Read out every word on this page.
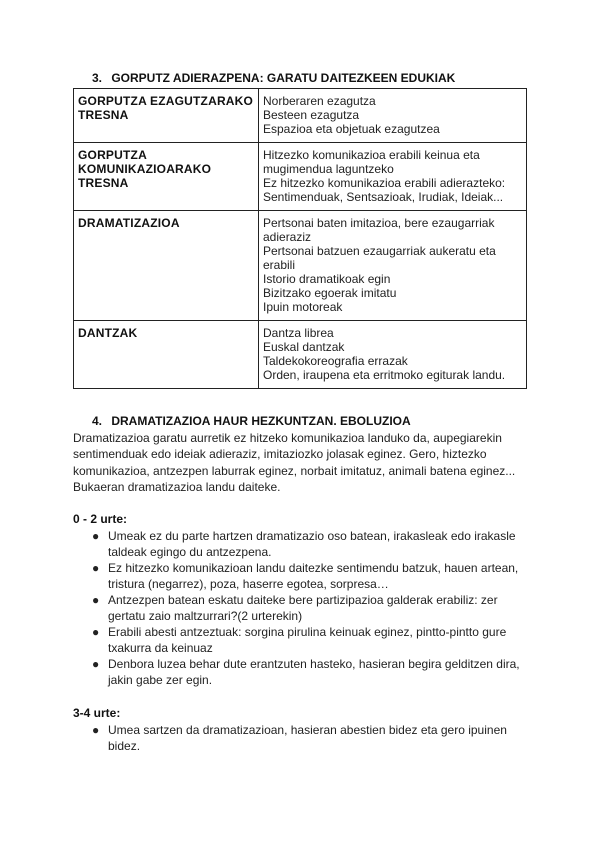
3. GORPUTZ ADIERAZPENA: GARATU DAITEZKEEN EDUKIAK
GORPUTZA EZAGUTZARAKO TRESNA	Norberaren ezagutza
Besteen ezagutza
Espazioa eta objetuak ezagutzea

GORPUTZA KOMUNIKAZIOARAKO TRESNA	Hitzezko komunikazioa erabili keinua eta mugimendua laguntzeko
Ez hitzezko komunikazioa erabili adierazteko: Sentimenduak, Sentsazioak, Irudiak, Ideiak...

DRAMATIZAZIOA	Pertsonai baten imitazioa, bere ezaugarriak adieraziz
Pertsonai batzuen ezaugarriak aukeratu eta erabili
Istorio dramatikoak egin
Bizitzako egoerak imitatu
Ipuin motoreak

DANTZAK	Dantza librea
Euskal dantzak
Taldekokoreografia errazak
Orden, iraupena eta erritmoko egiturak landu.
4. DRAMATIZAZIOA HAUR HEZKUNTZAN. EBOLUZIOA
Dramatizazioa garatu aurretik ez hitzeko komunikazioa landuko da, aupegiarekin sentimenduak edo ideiak adieraziz, imitaziozko jolasak eginez. Gero, hiztezko komunikazioa, antzezpen laburrak eginez, norbait imitatuz, animali batena eginez... Bukaeran dramatizazioa landu daiteke.
0 - 2 urte:
● Umeak ez du parte hartzen dramatizazio oso batean, irakasleak edo irakasle taldeak egingo du antzezpena.
● Ez hitzezko komunikazioan landu daitezke sentimendu batzuk, hauen artean, tristura (negarrez), poza, haserre egotea, sorpresa…
● Antzezpen batean eskatu daiteke bere partizipazioa galderak erabiliz: zer gertatu zaio maltzurrari?(2 urterekin)
● Erabili abesti antzeztuak: sorgina pirulina keinuak eginez, pintto-pintto gure txakurra da keinuaz
● Denbora luzea behar dute erantzuten hasteko, hasieran begira gelditzen dira, jakin gabe zer egin.
3-4 urte:
● Umea sartzen da dramatizazioan, hasieran abestien bidez eta gero ipuinen bidez.
